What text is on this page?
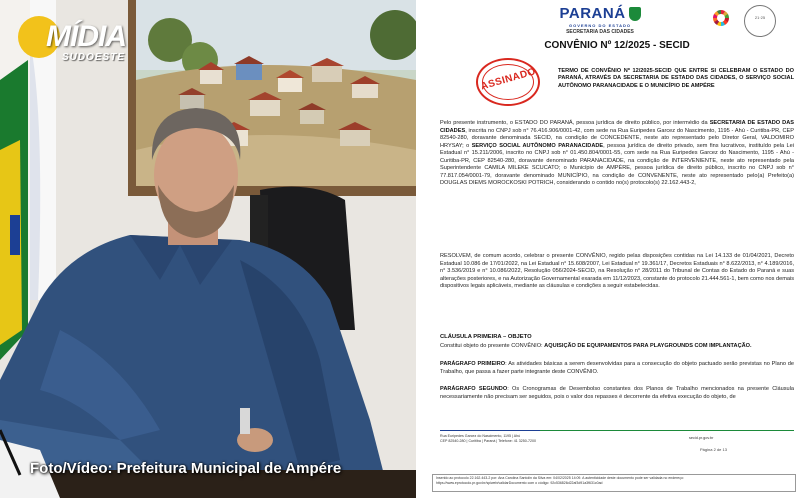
MÍDIA
SUDOESTE
Foto/Vídeo: Prefeitura Municipal de Ampére
PARANÁ
GOVERNO DO ESTADO
SECRETARIA DAS CIDADES
21·25
CONVÊNIO Nº 12/2025 - SECID
ASSINADO	TERMO DE CONVÊNIO Nº 12/2025-SECID QUE ENTRE SI CELEBRAM O ESTADO DO PARANÁ, ATRAVÉS DA SECRETARIA DE ESTADO DAS CIDADES, O SERVIÇO SOCIAL AUTÔNOMO PARANACIDADE E O MUNICÍPIO DE AMPÉRE
Pelo presente instrumento, o ESTADO DO PARANÁ, pessoa jurídica de direito público, por intermédio da SECRETARIA DE ESTADO DAS CIDADES, inscrita no CNPJ sob n° 76.416.906/0001-42, com sede na Rua Euripedes Garcez do Nascimento, 1195 - Ahú - Curitiba-PR, CEP 82540-280, doravante denominada SECID, na condição de CONCEDENTE, neste ato representado pelo Diretor Geral, VALDOMIRO HRYSAY; o SERVIÇO SOCIAL AUTÔNOMO PARANACIDADE, pessoa jurídica de direito privado, sem fins lucrativos, instituído pela Lei Estadual n° 15.211/2006, inscrito no CNPJ sob n° 01.450.804/0001-55, com sede na Rua Euripedes Garcez do Nascimento, 1195 - Ahú - Curitiba-PR, CEP 82540-280, doravante denominado PARANACIDADE, na condição de INTERVENIENTE, neste ato representado pela Superintendente CAMILA MILEKE SCUCATO; o Município de AMPÉRE, pessoa jurídica de direito público, inscrito no CNPJ sob n° 77.817.054/0001-79, doravante denominado MUNICÍPIO, na condição de CONVENENTE, neste ato representado pelo(a) Prefeito(a) DOUGLAS DIEMS MOROCKOSKI POTRICH, considerando o contido no(s) protocolo(s) 22.162.443-2,
RESOLVEM, de comum acordo, celebrar o presente CONVÊNIO, regido pelas disposições contidas na Lei 14.133 de 01/04/2021, Decreto Estadual 10.086 de 17/01/2022, na Lei Estadual n° 15.608/2007, Lei Estadual n° 19.361/17, Decretos Estaduais n° 8.622/2013, n° 4.189/2016, n° 3.536/2019 e n° 10.086/2022, Resolução 056/2024-SECID, na Resolução n° 28/2011 do Tribunal de Contas do Estado do Paraná e suas alterações posteriores, e na Autorização Governamental exarada em 11/12/2023, constante do protocolo 21.444.561-1, bem como nos demais dispositivos legais aplicáveis, mediante as cláusulas e condições a seguir estabelecidas.
CLÁUSULA PRIMEIRA – OBJETO
Constitui objeto do presente CONVÊNIO: AQUISIÇÃO DE EQUIPAMENTOS PARA PLAYGROUNDS COM IMPLANTAÇÃO.
PARÁGRAFO PRIMEIRO: As atividades básicas a serem desenvolvidas para a consecução do objeto pactuado serão previstas no Plano de Trabalho, que passa a fazer parte integrante deste CONVÊNIO.
PARÁGRAFO SEGUNDO: Os Cronogramas de Desembolso constantes dos Planos de Trabalho mencionados na presente Cláusula necessariamente não precisam ser seguidos, pois o valor dos repasses é decorrente da efetiva execução do objeto, de
Rua Euripedes Garcez do Nascimento, 1195 | Ahú
CEP 82540-280 | Curitiba | Paraná | Telefone: 41 3250-7200
secid.pr.gov.br
Página 2 de 13
Inserido ao protocolo 22.162.443-2 por: Ana Carolina Santolin da Silva em: 04/02/2025 14:09. A autenticidade deste documento pode ser validada no endereço:
https://www.eprotocolo.pr.gov.br/spiweb/validarDocumento com o código: 92c536826d22af3d91a3f631c0ad
